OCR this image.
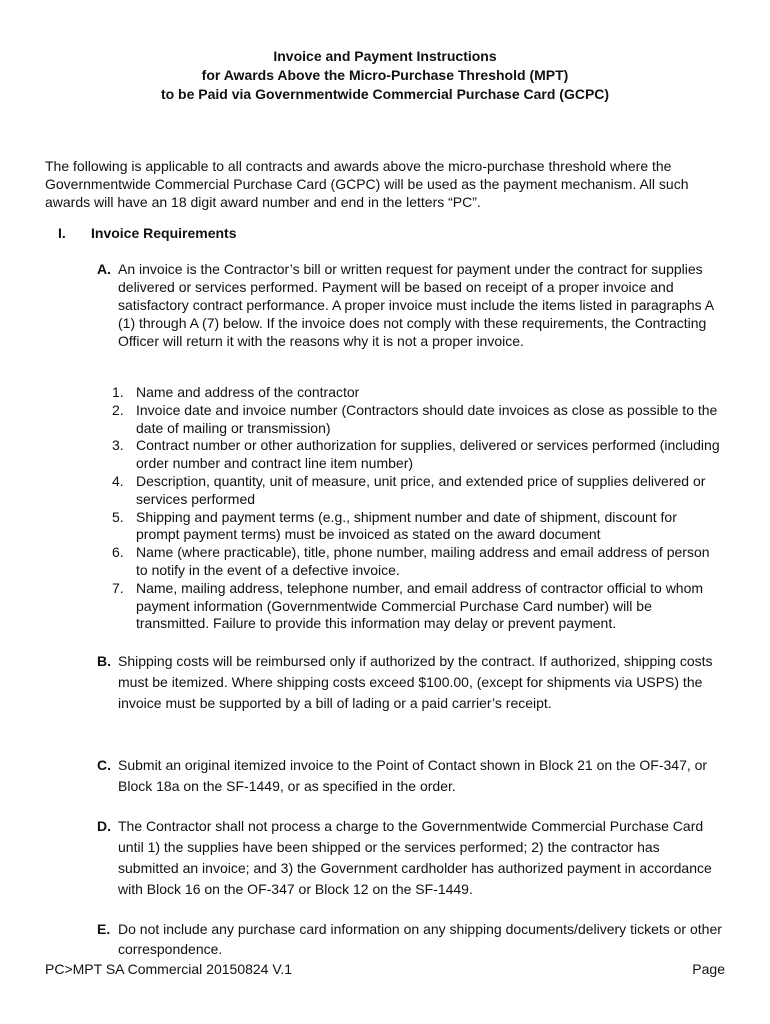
Invoice and Payment Instructions
for Awards Above the Micro-Purchase Threshold (MPT)
to be Paid via Governmentwide Commercial Purchase Card (GCPC)
The following is applicable to all contracts and awards above the micro-purchase threshold where the Governmentwide Commercial Purchase Card (GCPC) will be used as the payment mechanism. All such awards will have an 18 digit award number and end in the letters “PC”.
I. Invoice Requirements
A. An invoice is the Contractor’s bill or written request for payment under the contract for supplies delivered or services performed. Payment will be based on receipt of a proper invoice and satisfactory contract performance. A proper invoice must include the items listed in paragraphs A (1) through A (7) below. If the invoice does not comply with these requirements, the Contracting Officer will return it with the reasons why it is not a proper invoice.
1. Name and address of the contractor
2. Invoice date and invoice number (Contractors should date invoices as close as possible to the date of mailing or transmission)
3. Contract number or other authorization for supplies, delivered or services performed (including order number and contract line item number)
4. Description, quantity, unit of measure, unit price, and extended price of supplies delivered or services performed
5. Shipping and payment terms (e.g., shipment number and date of shipment, discount for prompt payment terms) must be invoiced as stated on the award document
6. Name (where practicable), title, phone number, mailing address and email address of person to notify in the event of a defective invoice.
7. Name, mailing address, telephone number, and email address of contractor official to whom payment information (Governmentwide Commercial Purchase Card number) will be transmitted. Failure to provide this information may delay or prevent payment.
B. Shipping costs will be reimbursed only if authorized by the contract. If authorized, shipping costs must be itemized. Where shipping costs exceed $100.00, (except for shipments via USPS) the invoice must be supported by a bill of lading or a paid carrier’s receipt.
C. Submit an original itemized invoice to the Point of Contact shown in Block 21 on the OF-347, or Block 18a on the SF-1449, or as specified in the order.
D. The Contractor shall not process a charge to the Governmentwide Commercial Purchase Card until 1) the supplies have been shipped or the services performed; 2) the contractor has submitted an invoice; and 3) the Government cardholder has authorized payment in accordance with Block 16 on the OF-347 or Block 12 on the SF-1449.
E. Do not include any purchase card information on any shipping documents/delivery tickets or other correspondence.
PC>MPT SA Commercial 20150824 V.1	Page
